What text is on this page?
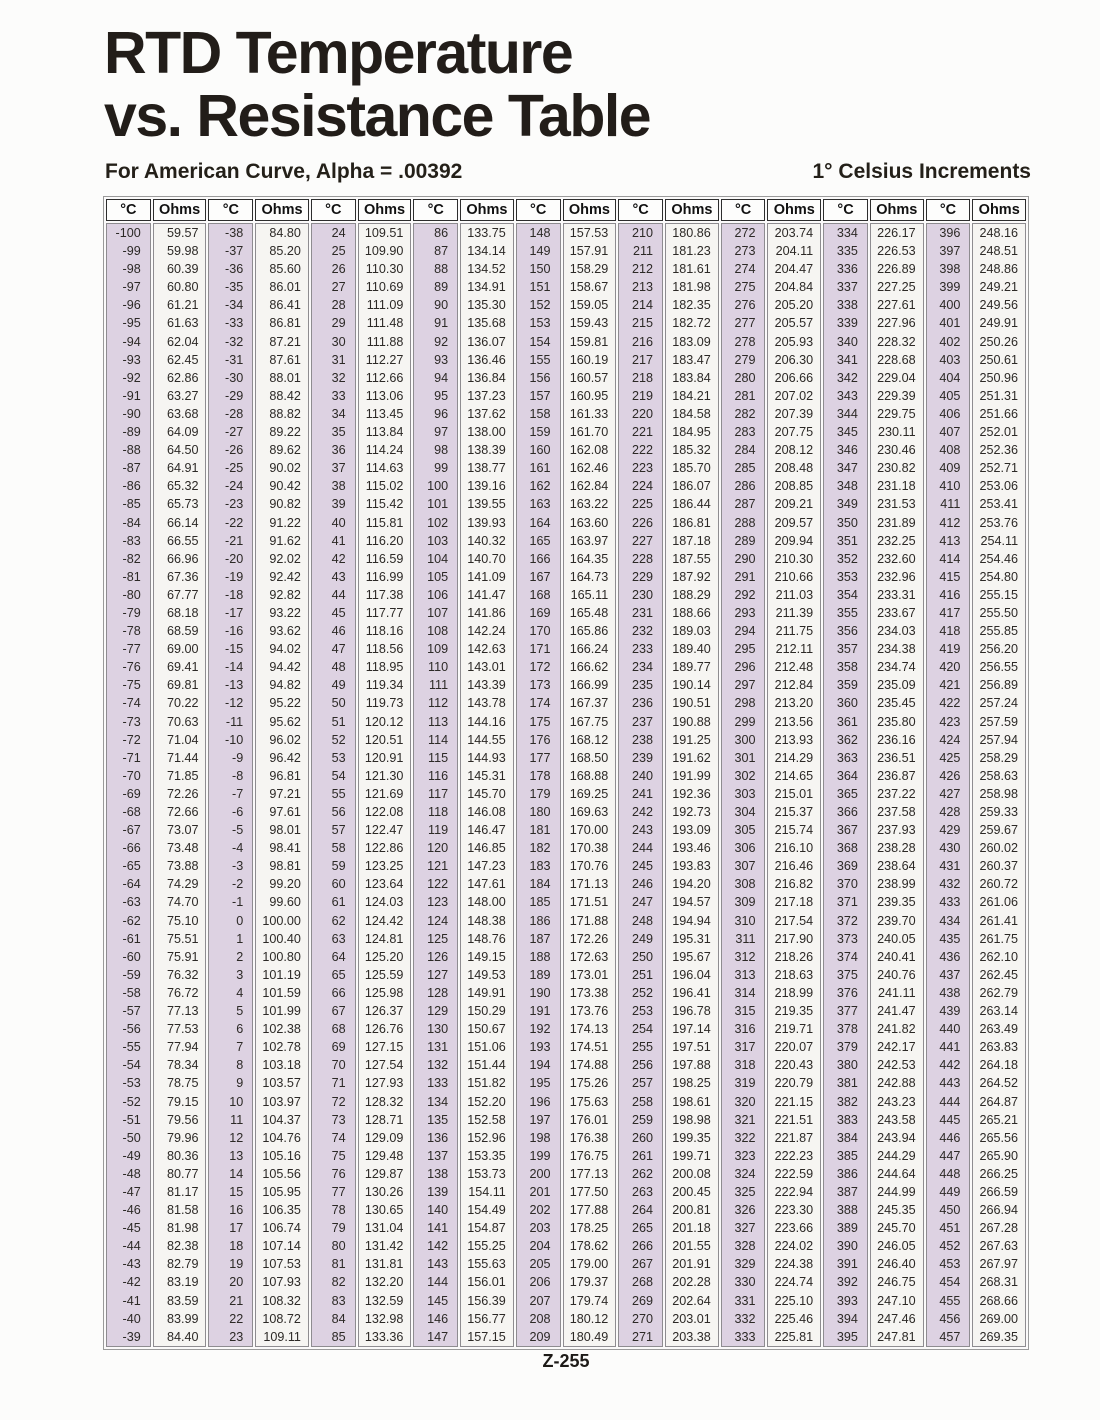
RTD Temperature
vs. Resistance Table
For American Curve, Alpha = .00392	1° Celsius Increments
°C
-100
-99
-98
-97
-96
-95
-94
-93
-92
-91
-90
-89
-88
-87
-86
-85
-84
-83
-82
-81
-80
-79
-78
-77
-76
-75
-74
-73
-72
-71
-70
-69
-68
-67
-66
-65
-64
-63
-62
-61
-60
-59
-58
-57
-56
-55
-54
-53
-52
-51
-50
-49
-48
-47
-46
-45
-44
-43
-42
-41
-40
-39
Ohms
59.57
59.98
60.39
60.80
61.21
61.63
62.04
62.45
62.86
63.27
63.68
64.09
64.50
64.91
65.32
65.73
66.14
66.55
66.96
67.36
67.77
68.18
68.59
69.00
69.41
69.81
70.22
70.63
71.04
71.44
71.85
72.26
72.66
73.07
73.48
73.88
74.29
74.70
75.10
75.51
75.91
76.32
76.72
77.13
77.53
77.94
78.34
78.75
79.15
79.56
79.96
80.36
80.77
81.17
81.58
81.98
82.38
82.79
83.19
83.59
83.99
84.40
°C
-38
-37
-36
-35
-34
-33
-32
-31
-30
-29
-28
-27
-26
-25
-24
-23
-22
-21
-20
-19
-18
-17
-16
-15
-14
-13
-12
-11
-10
-9
-8
-7
-6
-5
-4
-3
-2
-1
0
1
2
3
4
5
6
7
8
9
10
11
12
13
14
15
16
17
18
19
20
21
22
23
Ohms
84.80
85.20
85.60
86.01
86.41
86.81
87.21
87.61
88.01
88.42
88.82
89.22
89.62
90.02
90.42
90.82
91.22
91.62
92.02
92.42
92.82
93.22
93.62
94.02
94.42
94.82
95.22
95.62
96.02
96.42
96.81
97.21
97.61
98.01
98.41
98.81
99.20
99.60
100.00
100.40
100.80
101.19
101.59
101.99
102.38
102.78
103.18
103.57
103.97
104.37
104.76
105.16
105.56
105.95
106.35
106.74
107.14
107.53
107.93
108.32
108.72
109.11
°C
24
25
26
27
28
29
30
31
32
33
34
35
36
37
38
39
40
41
42
43
44
45
46
47
48
49
50
51
52
53
54
55
56
57
58
59
60
61
62
63
64
65
66
67
68
69
70
71
72
73
74
75
76
77
78
79
80
81
82
83
84
85
Ohms
109.51
109.90
110.30
110.69
111.09
111.48
111.88
112.27
112.66
113.06
113.45
113.84
114.24
114.63
115.02
115.42
115.81
116.20
116.59
116.99
117.38
117.77
118.16
118.56
118.95
119.34
119.73
120.12
120.51
120.91
121.30
121.69
122.08
122.47
122.86
123.25
123.64
124.03
124.42
124.81
125.20
125.59
125.98
126.37
126.76
127.15
127.54
127.93
128.32
128.71
129.09
129.48
129.87
130.26
130.65
131.04
131.42
131.81
132.20
132.59
132.98
133.36
°C
86
87
88
89
90
91
92
93
94
95
96
97
98
99
100
101
102
103
104
105
106
107
108
109
110
111
112
113
114
115
116
117
118
119
120
121
122
123
124
125
126
127
128
129
130
131
132
133
134
135
136
137
138
139
140
141
142
143
144
145
146
147
Ohms
133.75
134.14
134.52
134.91
135.30
135.68
136.07
136.46
136.84
137.23
137.62
138.00
138.39
138.77
139.16
139.55
139.93
140.32
140.70
141.09
141.47
141.86
142.24
142.63
143.01
143.39
143.78
144.16
144.55
144.93
145.31
145.70
146.08
146.47
146.85
147.23
147.61
148.00
148.38
148.76
149.15
149.53
149.91
150.29
150.67
151.06
151.44
151.82
152.20
152.58
152.96
153.35
153.73
154.11
154.49
154.87
155.25
155.63
156.01
156.39
156.77
157.15
°C
148
149
150
151
152
153
154
155
156
157
158
159
160
161
162
163
164
165
166
167
168
169
170
171
172
173
174
175
176
177
178
179
180
181
182
183
184
185
186
187
188
189
190
191
192
193
194
195
196
197
198
199
200
201
202
203
204
205
206
207
208
209
Ohms
157.53
157.91
158.29
158.67
159.05
159.43
159.81
160.19
160.57
160.95
161.33
161.70
162.08
162.46
162.84
163.22
163.60
163.97
164.35
164.73
165.11
165.48
165.86
166.24
166.62
166.99
167.37
167.75
168.12
168.50
168.88
169.25
169.63
170.00
170.38
170.76
171.13
171.51
171.88
172.26
172.63
173.01
173.38
173.76
174.13
174.51
174.88
175.26
175.63
176.01
176.38
176.75
177.13
177.50
177.88
178.25
178.62
179.00
179.37
179.74
180.12
180.49
°C
210
211
212
213
214
215
216
217
218
219
220
221
222
223
224
225
226
227
228
229
230
231
232
233
234
235
236
237
238
239
240
241
242
243
244
245
246
247
248
249
250
251
252
253
254
255
256
257
258
259
260
261
262
263
264
265
266
267
268
269
270
271
Ohms
180.86
181.23
181.61
181.98
182.35
182.72
183.09
183.47
183.84
184.21
184.58
184.95
185.32
185.70
186.07
186.44
186.81
187.18
187.55
187.92
188.29
188.66
189.03
189.40
189.77
190.14
190.51
190.88
191.25
191.62
191.99
192.36
192.73
193.09
193.46
193.83
194.20
194.57
194.94
195.31
195.67
196.04
196.41
196.78
197.14
197.51
197.88
198.25
198.61
198.98
199.35
199.71
200.08
200.45
200.81
201.18
201.55
201.91
202.28
202.64
203.01
203.38
°C
272
273
274
275
276
277
278
279
280
281
282
283
284
285
286
287
288
289
290
291
292
293
294
295
296
297
298
299
300
301
302
303
304
305
306
307
308
309
310
311
312
313
314
315
316
317
318
319
320
321
322
323
324
325
326
327
328
329
330
331
332
333
Ohms
203.74
204.11
204.47
204.84
205.20
205.57
205.93
206.30
206.66
207.02
207.39
207.75
208.12
208.48
208.85
209.21
209.57
209.94
210.30
210.66
211.03
211.39
211.75
212.11
212.48
212.84
213.20
213.56
213.93
214.29
214.65
215.01
215.37
215.74
216.10
216.46
216.82
217.18
217.54
217.90
218.26
218.63
218.99
219.35
219.71
220.07
220.43
220.79
221.15
221.51
221.87
222.23
222.59
222.94
223.30
223.66
224.02
224.38
224.74
225.10
225.46
225.81
°C
334
335
336
337
338
339
340
341
342
343
344
345
346
347
348
349
350
351
352
353
354
355
356
357
358
359
360
361
362
363
364
365
366
367
368
369
370
371
372
373
374
375
376
377
378
379
380
381
382
383
384
385
386
387
388
389
390
391
392
393
394
395
Ohms
226.17
226.53
226.89
227.25
227.61
227.96
228.32
228.68
229.04
229.39
229.75
230.11
230.46
230.82
231.18
231.53
231.89
232.25
232.60
232.96
233.31
233.67
234.03
234.38
234.74
235.09
235.45
235.80
236.16
236.51
236.87
237.22
237.58
237.93
238.28
238.64
238.99
239.35
239.70
240.05
240.41
240.76
241.11
241.47
241.82
242.17
242.53
242.88
243.23
243.58
243.94
244.29
244.64
244.99
245.35
245.70
246.05
246.40
246.75
247.10
247.46
247.81
°C
396
397
398
399
400
401
402
403
404
405
406
407
408
409
410
411
412
413
414
415
416
417
418
419
420
421
422
423
424
425
426
427
428
429
430
431
432
433
434
435
436
437
438
439
440
441
442
443
444
445
446
447
448
449
450
451
452
453
454
455
456
457
Ohms
248.16
248.51
248.86
249.21
249.56
249.91
250.26
250.61
250.96
251.31
251.66
252.01
252.36
252.71
253.06
253.41
253.76
254.11
254.46
254.80
255.15
255.50
255.85
256.20
256.55
256.89
257.24
257.59
257.94
258.29
258.63
258.98
259.33
259.67
260.02
260.37
260.72
261.06
261.41
261.75
262.10
262.45
262.79
263.14
263.49
263.83
264.18
264.52
264.87
265.21
265.56
265.90
266.25
266.59
266.94
267.28
267.63
267.97
268.31
268.66
269.00
269.35
Z-255
